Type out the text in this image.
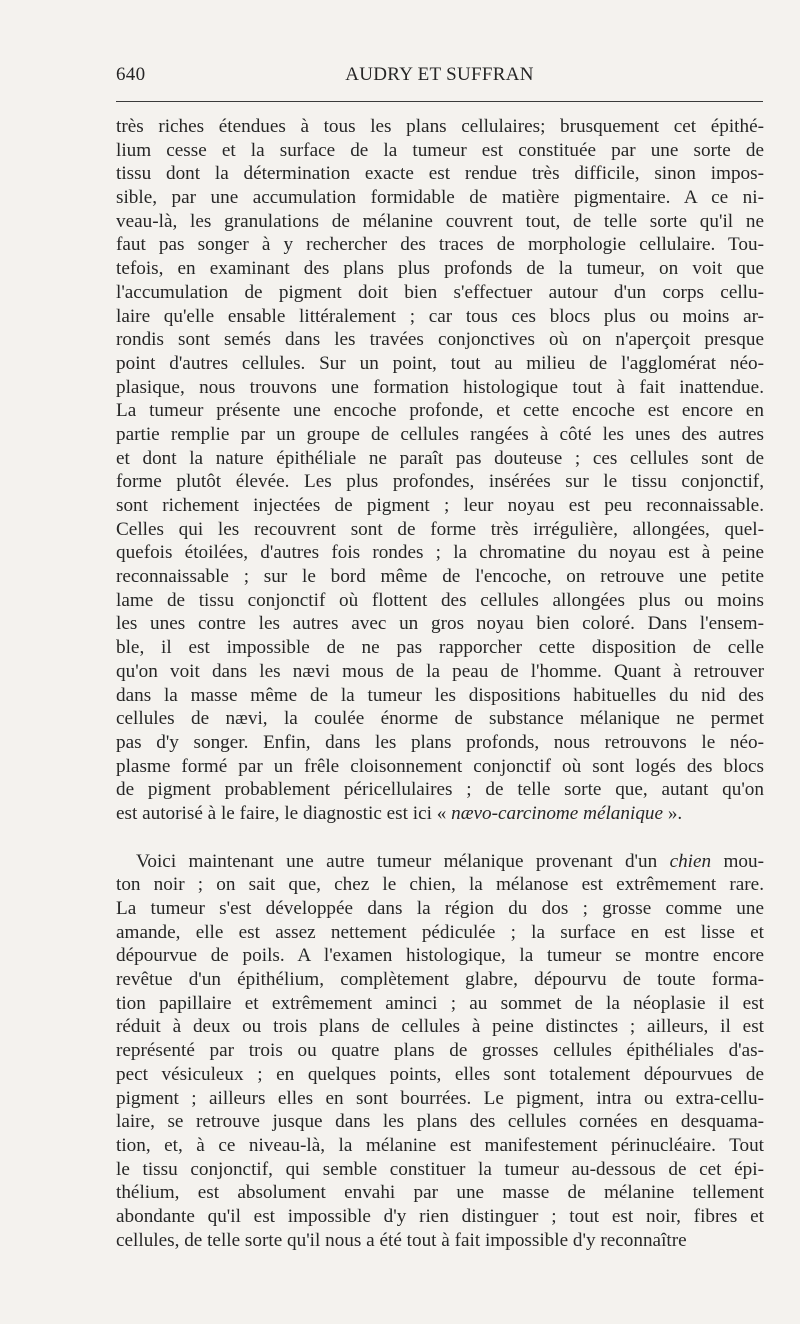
640	AUDRY ET SUFFRAN
très riches étendues à tous les plans cellulaires; brusquement cet épithé-
lium cesse et la surface de la tumeur est constituée par une sorte de
tissu dont la détermination exacte est rendue très difficile, sinon impos-
sible, par une accumulation formidable de matière pigmentaire. A ce ni-
veau-là, les granulations de mélanine couvrent tout, de telle sorte qu'il ne
faut pas songer à y rechercher des traces de morphologie cellulaire. Tou-
tefois, en examinant des plans plus profonds de la tumeur, on voit que
l'accumulation de pigment doit bien s'effectuer autour d'un corps cellu-
laire qu'elle ensable littéralement ; car tous ces blocs plus ou moins ar-
rondis sont semés dans les travées conjonctives où on n'aperçoit presque
point d'autres cellules. Sur un point, tout au milieu de l'agglomérat néo-
plasique, nous trouvons une formation histologique tout à fait inattendue.
La tumeur présente une encoche profonde, et cette encoche est encore en
partie remplie par un groupe de cellules rangées à côté les unes des autres
et dont la nature épithéliale ne paraît pas douteuse ; ces cellules sont de
forme plutôt élevée. Les plus profondes, insérées sur le tissu conjonctif,
sont richement injectées de pigment ; leur noyau est peu reconnaissable.
Celles qui les recouvrent sont de forme très irrégulière, allongées, quel-
quefois étoilées, d'autres fois rondes ; la chromatine du noyau est à peine
reconnaissable ; sur le bord même de l'encoche, on retrouve une petite
lame de tissu conjonctif où flottent des cellules allongées plus ou moins
les unes contre les autres avec un gros noyau bien coloré. Dans l'ensem-
ble, il est impossible de ne pas rapporcher cette disposition de celle
qu'on voit dans les nævi mous de la peau de l'homme. Quant à retrouver
dans la masse même de la tumeur les dispositions habituelles du nid des
cellules de nævi, la coulée énorme de substance mélanique ne permet
pas d'y songer. Enfin, dans les plans profonds, nous retrouvons le néo-
plasme formé par un frêle cloisonnement conjonctif où sont logés des blocs
de pigment probablement péricellulaires ; de telle sorte que, autant qu'on
est autorisé à le faire, le diagnostic est ici « nævo-carcinome mélanique ».
Voici maintenant une autre tumeur mélanique provenant d'un chien mou-
ton noir ; on sait que, chez le chien, la mélanose est extrêmement rare.
La tumeur s'est développée dans la région du dos ; grosse comme une
amande, elle est assez nettement pédiculée ; la surface en est lisse et
dépourvue de poils. A l'examen histologique, la tumeur se montre encore
revêtue d'un épithélium, complètement glabre, dépourvu de toute forma-
tion papillaire et extrêmement aminci ; au sommet de la néoplasie il est
réduit à deux ou trois plans de cellules à peine distinctes ; ailleurs, il est
représenté par trois ou quatre plans de grosses cellules épithéliales d'as-
pect vésiculeux ; en quelques points, elles sont totalement dépourvues de
pigment ; ailleurs elles en sont bourrées. Le pigment, intra ou extra-cellu-
laire, se retrouve jusque dans les plans des cellules cornées en desquama-
tion, et, à ce niveau-là, la mélanine est manifestement périnucléaire. Tout
le tissu conjonctif, qui semble constituer la tumeur au-dessous de cet épi-
thélium, est absolument envahi par une masse de mélanine tellement
abondante qu'il est impossible d'y rien distinguer ; tout est noir, fibres et
cellules, de telle sorte qu'il nous a été tout à fait impossible d'y reconnaître
